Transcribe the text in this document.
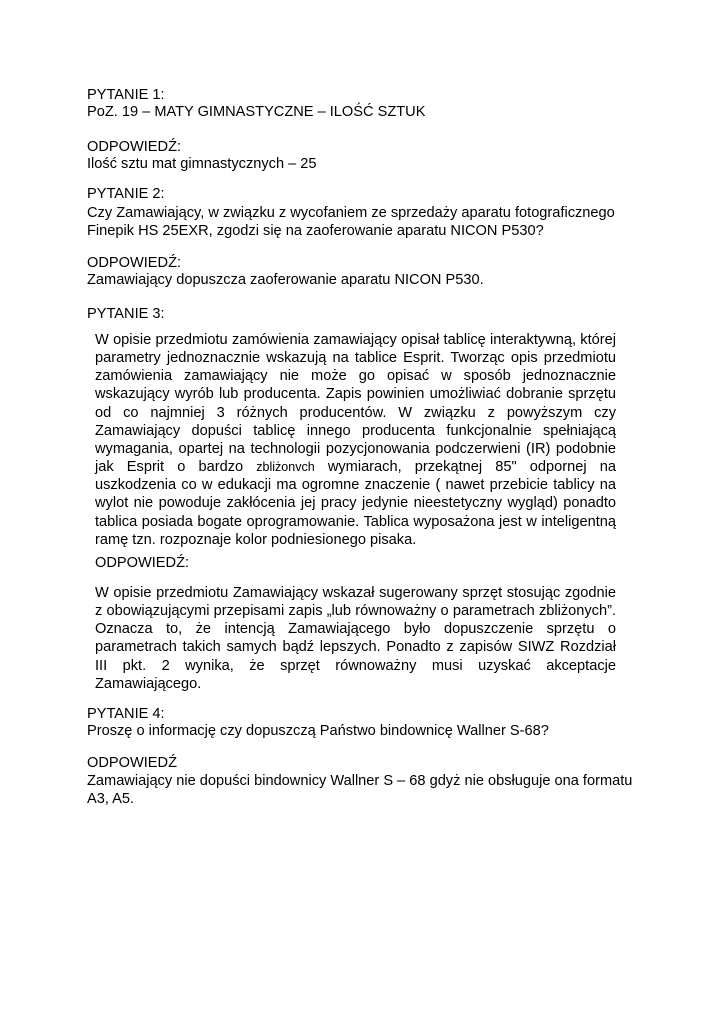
PYTANIE 1:

PoZ. 19 – MATY GIMNASTYCZNE – ILOŚĆ SZTUK

ODPOWIEDŹ:

Ilość sztu mat gimnastycznych – 25

PYTANIE 2:

Czy Zamawiający, w związku z wycofaniem ze sprzedaży aparatu fotograficznego

Finepik HS 25EXR, zgodzi się na zaoferowanie aparatu NICON P530?

ODPOWIEDŹ:

Zamawiający dopuszcza zaoferowanie aparatu NICON P530.

PYTANIE 3:

W opisie przedmiotu zamówienia zamawiający opisał tablicę interaktywną, której parametry jednoznacznie wskazują na tablice Esprit. Tworząc opis przedmiotu zamówienia zamawiający nie może go opisać w sposób jednoznacznie wskazujący wyrób lub producenta. Zapis powinien umożliwiać dobranie sprzętu od co najmniej 3 różnych producentów. W związku z powyższym czy Zamawiający dopuści tablicę innego producenta funkcjonalnie spełniającą wymagania, opartej na technologii pozycjonowania podczerwieni (IR) podobnie jak Esprit o bardzo zbliżonvch wymiarach, przekątnej 85" odpornej na uszkodzenia co w edukacji ma ogromne znaczenie ( nawet przebicie tablicy na wylot nie powoduje zakłócenia jej pracy jedynie nieestetyczny wygląd) ponadto tablica posiada bogate oprogramowanie. Tablica wyposażona jest w inteligentną ramę tzn. rozpoznaje kolor podniesionego pisaka.

ODPOWIEDŹ:

W opisie przedmiotu Zamawiający wskazał sugerowany sprzęt stosując zgodnie z obowiązującymi przepisami zapis „lub równoważny o parametrach zbliżonych”. Oznacza to, że intencją Zamawiającego było dopuszczenie sprzętu o parametrach takich samych bądź lepszych. Ponadto z zapisów SIWZ Rozdział III pkt. 2 wynika, że sprzęt równoważny musi uzyskać akceptacje Zamawiającego.

PYTANIE 4:

Proszę o informację czy dopuszczą Państwo bindownicę Wallner S-68?

ODPOWIEDŹ

Zamawiający nie dopuści bindownicy Wallner S – 68 gdyż nie obsługuje ona formatu

A3, A5.
